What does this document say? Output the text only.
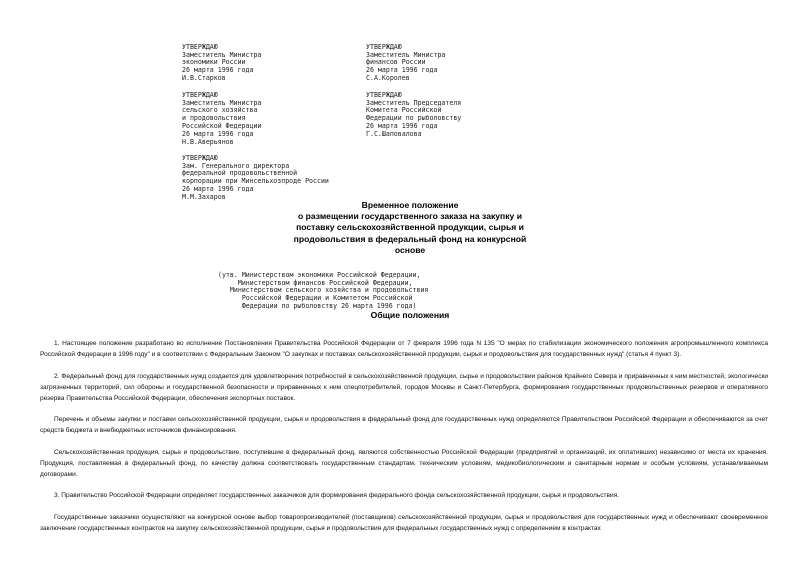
УТВЕРЖДАЮ
Заместитель Министра
экономики России
26 марта 1996 года
И.В.Старков

УТВЕРЖДАЮ
Заместитель Министра
финансов России
26 марта 1996 года
С.А.Королев

УТВЕРЖДАЮ
Заместитель Министра
сельского хозяйства
и продовольствия
Российской Федерации
26 марта 1996 года
Н.В.Аверьянов

УТВЕРЖДАЮ
Заместитель Председателя
Комитета Российской
Федерации по рыболовству
26 марта 1996 года
Г.С.Шаповалова

УТВЕРЖДАЮ
Зам. Генерального директора
федеральной продовольственной
корпорации при Минсельхозпроде России
26 марта 1996 года
М.М.Захаров

Временное положение
о размещении государственного заказа на закупку и
поставку сельскохозяйственной продукции, сырья и
продовольствия в федеральный фонд на конкурсной
основе

(утв. Министерством экономики Российской Федерации,
Министерством финансов Российской Федерации,
Министерством сельского хозяйства и продовольствия
Российской Федерации и Комитетом Российской
Федерации по рыболовству 26 марта 1996 года)

Общие положения

1. Настоящее положение разработано во исполнение Постановления Правительства Российской Федерации от 7 февраля 1996 года N 135 "О мерах по стабилизации экономического положения агропромышленного комплекса Российской Федерации в 1996 году" и в соответствии с Федеральным Законом "О закупках и поставках сельскохозяйственной продукции, сырья и продовольствия для государственных нужд" (статья 4 пункт 3).

2. Федеральный фонд для государственных нужд создается для удовлетворения потребностей в сельскохозяйственной продукции, сырье и продовольствии районов Крайнего Севера и приравненных к ним местностей, экологически загрязненных территорий, сил обороны и государственной безопасности и приравненных к ним спецпотребителей, городов Москвы и Санкт-Петербурга, формирования государственных продовольственных резервов и оперативного резерва Правительства Российской Федерации, обеспечения экспортных поставок.

Перечень и объемы закупки и поставки сельскохозяйственной продукции, сырья и продовольствия в федеральный фонд для государственных нужд определяются Правительством Российской Федерации и обеспечиваются за счет средств бюджета и внебюджетных источников финансирования.

Сельскохозяйственная продукция, сырье и продовольствие, поступившие в федеральный фонд, являются собственностью Российской Федерации (предприятий и организаций, их оплативших) независимо от места их хранения. Продукция, поставляемая в федеральный фонд, по качеству должна соответствовать государственным стандартам, техническим условиям, медикобиологическим и санитарным нормам и особым условиям, устанавливаемым договорами.

3. Правительство Российской Федерации определяет государственных заказчиков для формирования федерального фонда сельскохозяйственной продукции, сырья и продовольствия.

Государственные заказчики осуществляют на конкурсной основе выбор товаропроизводителей (поставщиков) сельскохозяйственной продукции, сырья и продовольствия для государственных нужд и обеспечивают своевременное заключение государственных контрактов на закупку сельскохозяйственной продукции, сырья и продовольствия для федеральных государственных нужд с определением в контрактах
